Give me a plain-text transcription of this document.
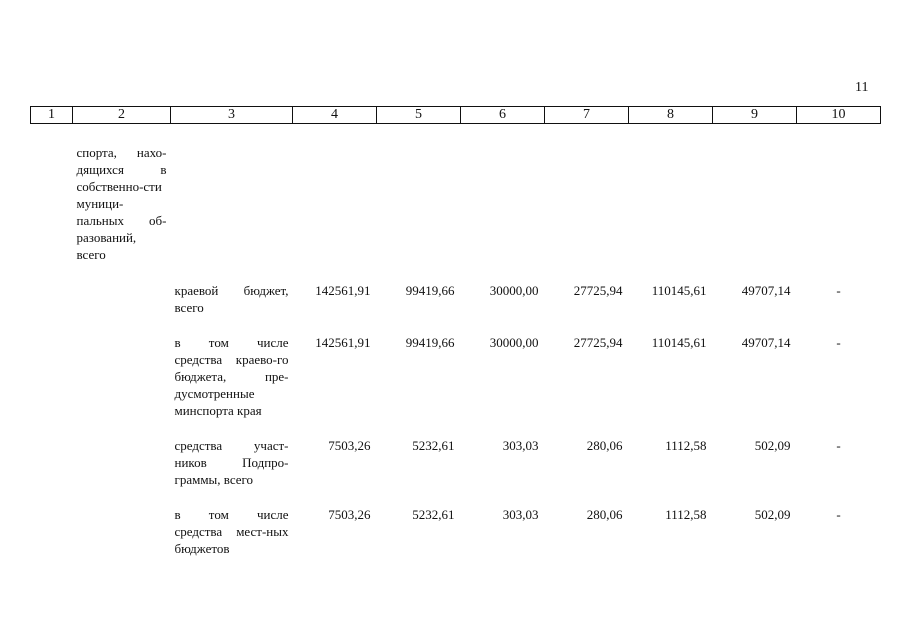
11
1	2	3	4	5	6	7	8	9	10

	спорта, нахо-дящихся в собственно-сти муници-пальных об-разований, всего								

		краевой бюджет, всего	142561,91	99419,66	30000,00	27725,94	110145,61	49707,14	-
		в том числе средства краево-го бюджета, пре-дусмотренные минспорта края	142561,91	99419,66	30000,00	27725,94	110145,61	49707,14	-
		средства участ-ников Подпро-граммы, всего	7503,26	5232,61	303,03	280,06	1112,58	502,09	-
		в том числе средства мест-ных бюджетов	7503,26	5232,61	303,03	280,06	1112,58	502,09	-
